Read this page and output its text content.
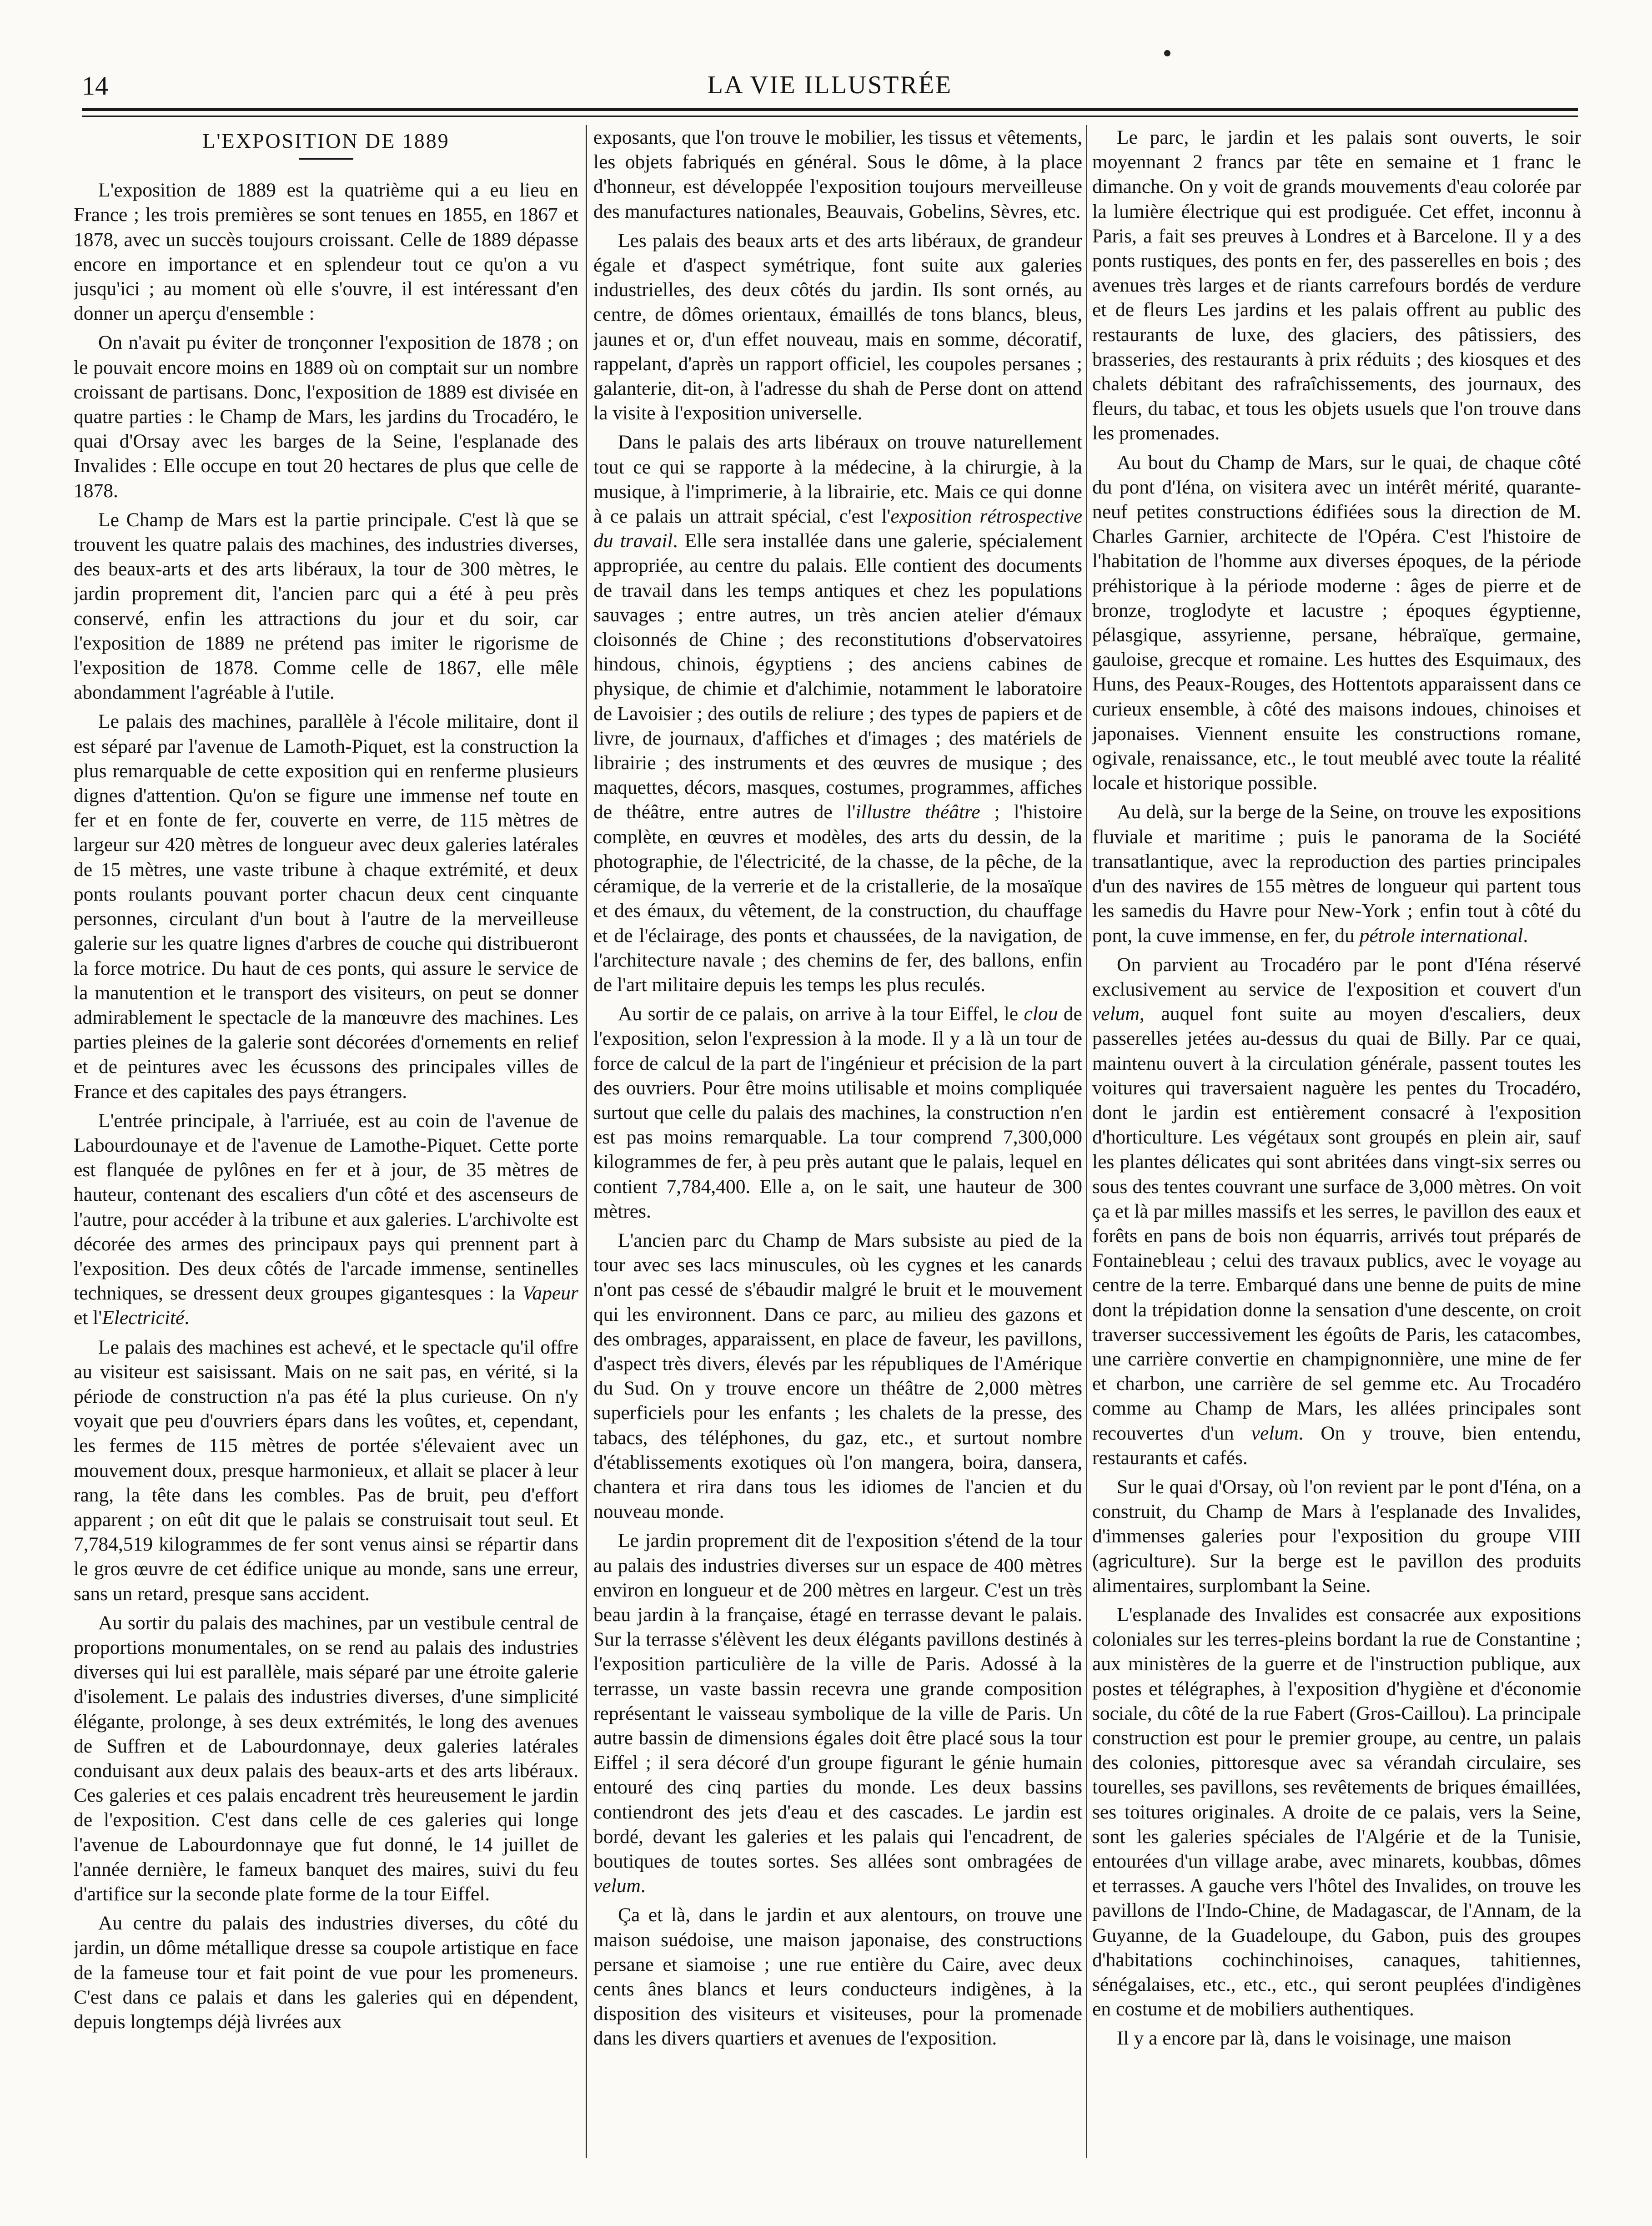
14	LA VIE ILLUSTRÉE
L'EXPOSITION DE 1889

L'exposition de 1889 est la quatrième qui a eu lieu en France ; les trois premières se sont tenues en 1855, en 1867 et 1878, avec un succès toujours croissant. Celle de 1889 dépasse encore en importance et en splendeur tout ce qu'on a vu jusqu'ici ; au moment où elle s'ouvre, il est intéressant d'en donner un aperçu d'ensemble :

On n'avait pu éviter de tronçonner l'exposition de 1878 ; on le pouvait encore moins en 1889 où on comptait sur un nombre croissant de partisans. Donc, l'exposition de 1889 est divisée en quatre parties : le Champ de Mars, les jardins du Trocadéro, le quai d'Orsay avec les barges de la Seine, l'esplanade des Invalides : Elle occupe en tout 20 hectares de plus que celle de 1878.

Le Champ de Mars est la partie principale. C'est là que se trouvent les quatre palais des machines, des industries diverses, des beaux-arts et des arts libéraux, la tour de 300 mètres, le jardin proprement dit, l'ancien parc qui a été à peu près conservé, enfin les attractions du jour et du soir, car l'exposition de 1889 ne prétend pas imiter le rigorisme de l'exposition de 1878. Comme celle de 1867, elle mêle abondamment l'agréable à l'utile.

Le palais des machines, parallèle à l'école militaire, dont il est séparé par l'avenue de Lamoth-Piquet, est la construction la plus remarquable de cette exposition qui en renferme plusieurs dignes d'attention. Qu'on se figure une immense nef toute en fer et en fonte de fer, couverte en verre, de 115 mètres de largeur sur 420 mètres de longueur avec deux galeries latérales de 15 mètres, une vaste tribune à chaque extrémité, et deux ponts roulants pouvant porter chacun deux cent cinquante personnes, circulant d'un bout à l'autre de la merveilleuse galerie sur les quatre lignes d'arbres de couche qui distribueront la force motrice. Du haut de ces ponts, qui assure le service de la manutention et le transport des visiteurs, on peut se donner admirablement le spectacle de la manœuvre des machines. Les parties pleines de la galerie sont décorées d'ornements en relief et de peintures avec les écussons des principales villes de France et des capitales des pays étrangers.

L'entrée principale, à l'arriuée, est au coin de l'avenue de Labourdounaye et de l'avenue de Lamothe-Piquet. Cette porte est flanquée de pylônes en fer et à jour, de 35 mètres de hauteur, contenant des escaliers d'un côté et des ascenseurs de l'autre, pour accéder à la tribune et aux galeries. L'archivolte est décorée des armes des principaux pays qui prennent part à l'exposition. Des deux côtés de l'arcade immense, sentinelles techniques, se dressent deux groupes gigantesques : la Vapeur et l'Electricité.

Le palais des machines est achevé, et le spectacle qu'il offre au visiteur est saisissant. Mais on ne sait pas, en vérité, si la période de construction n'a pas été la plus curieuse. On n'y voyait que peu d'ouvriers épars dans les voûtes, et, cependant, les fermes de 115 mètres de portée s'élevaient avec un mouvement doux, presque harmonieux, et allait se placer à leur rang, la tête dans les combles. Pas de bruit, peu d'effort apparent ; on eût dit que le palais se construisait tout seul. Et 7,784,519 kilogrammes de fer sont venus ainsi se répartir dans le gros œuvre de cet édifice unique au monde, sans une erreur, sans un retard, presque sans accident.

Au sortir du palais des machines, par un vestibule central de proportions monumentales, on se rend au palais des industries diverses qui lui est parallèle, mais séparé par une étroite galerie d'isolement. Le palais des industries diverses, d'une simplicité élégante, prolonge, à ses deux extrémités, le long des avenues de Suffren et de Labourdonnaye, deux galeries latérales conduisant aux deux palais des beaux-arts et des arts libéraux. Ces galeries et ces palais encadrent très heureusement le jardin de l'exposition. C'est dans celle de ces galeries qui longe l'avenue de Labourdonnaye que fut donné, le 14 juillet de l'année dernière, le fameux banquet des maires, suivi du feu d'artifice sur la seconde plate forme de la tour Eiffel.

Au centre du palais des industries diverses, du côté du jardin, un dôme métallique dresse sa coupole artistique en face de la fameuse tour et fait point de vue pour les promeneurs. C'est dans ce palais et dans les galeries qui en dépendent, depuis longtemps déjà livrées aux

exposants, que l'on trouve le mobilier, les tissus et vêtements, les objets fabriqués en général. Sous le dôme, à la place d'honneur, est développée l'exposition toujours merveilleuse des manufactures nationales, Beauvais, Gobelins, Sèvres, etc.

Les palais des beaux arts et des arts libéraux, de grandeur égale et d'aspect symétrique, font suite aux galeries industrielles, des deux côtés du jardin. Ils sont ornés, au centre, de dômes orientaux, émaillés de tons blancs, bleus, jaunes et or, d'un effet nouveau, mais en somme, décoratif, rappelant, d'après un rapport officiel, les coupoles persanes ; galanterie, dit-on, à l'adresse du shah de Perse dont on attend la visite à l'exposition universelle.

Dans le palais des arts libéraux on trouve naturellement tout ce qui se rapporte à la médecine, à la chirurgie, à la musique, à l'imprimerie, à la librairie, etc. Mais ce qui donne à ce palais un attrait spécial, c'est l'exposition rétrospective du travail. Elle sera installée dans une galerie, spécialement appropriée, au centre du palais. Elle contient des documents de travail dans les temps antiques et chez les populations sauvages ; entre autres, un très ancien atelier d'émaux cloisonnés de Chine ; des reconstitutions d'observatoires hindous, chinois, égyptiens ; des anciens cabines de physique, de chimie et d'alchimie, notamment le laboratoire de Lavoisier ; des outils de reliure ; des types de papiers et de livre, de journaux, d'affiches et d'images ; des matériels de librairie ; des instruments et des œuvres de musique ; des maquettes, décors, masques, costumes, programmes, affiches de théâtre, entre autres de l'illustre théâtre ; l'histoire complète, en œuvres et modèles, des arts du dessin, de la photographie, de l'électricité, de la chasse, de la pêche, de la céramique, de la verrerie et de la cristallerie, de la mosaïque et des émaux, du vêtement, de la construction, du chauffage et de l'éclairage, des ponts et chaussées, de la navigation, de l'architecture navale ; des chemins de fer, des ballons, enfin de l'art militaire depuis les temps les plus reculés.

Au sortir de ce palais, on arrive à la tour Eiffel, le clou de l'exposition, selon l'expression à la mode. Il y a là un tour de force de calcul de la part de l'ingénieur et précision de la part des ouvriers. Pour être moins utilisable et moins compliquée surtout que celle du palais des machines, la construction n'en est pas moins remarquable. La tour comprend 7,300,000 kilogrammes de fer, à peu près autant que le palais, lequel en contient 7,784,400. Elle a, on le sait, une hauteur de 300 mètres.

L'ancien parc du Champ de Mars subsiste au pied de la tour avec ses lacs minuscules, où les cygnes et les canards n'ont pas cessé de s'ébaudir malgré le bruit et le mouvement qui les environnent. Dans ce parc, au milieu des gazons et des ombrages, apparaissent, en place de faveur, les pavillons, d'aspect très divers, élevés par les républiques de l'Amérique du Sud. On y trouve encore un théâtre de 2,000 mètres superficiels pour les enfants ; les chalets de la presse, des tabacs, des téléphones, du gaz, etc., et surtout nombre d'établissements exotiques où l'on mangera, boira, dansera, chantera et rira dans tous les idiomes de l'ancien et du nouveau monde.

Le jardin proprement dit de l'exposition s'étend de la tour au palais des industries diverses sur un espace de 400 mètres environ en longueur et de 200 mètres en largeur. C'est un très beau jardin à la française, étagé en terrasse devant le palais. Sur la terrasse s'élèvent les deux élégants pavillons destinés à l'exposition particulière de la ville de Paris. Adossé à la terrasse, un vaste bassin recevra une grande composition représentant le vaisseau symbolique de la ville de Paris. Un autre bassin de dimensions égales doit être placé sous la tour Eiffel ; il sera décoré d'un groupe figurant le génie humain entouré des cinq parties du monde. Les deux bassins contiendront des jets d'eau et des cascades. Le jardin est bordé, devant les galeries et les palais qui l'encadrent, de boutiques de toutes sortes. Ses allées sont ombragées de velum.

Ça et là, dans le jardin et aux alentours, on trouve une maison suédoise, une maison japonaise, des constructions persane et siamoise ; une rue entière du Caire, avec deux cents ânes blancs et leurs conducteurs indigènes, à la disposition des visiteurs et visiteuses, pour la promenade dans les divers quartiers et avenues de l'exposition.

Le parc, le jardin et les palais sont ouverts, le soir moyennant 2 francs par tête en semaine et 1 franc le dimanche. On y voit de grands mouvements d'eau colorée par la lumière électrique qui est prodiguée. Cet effet, inconnu à Paris, a fait ses preuves à Londres et à Barcelone. Il y a des ponts rustiques, des ponts en fer, des passerelles en bois ; des avenues très larges et de riants carrefours bordés de verdure et de fleurs Les jardins et les palais offrent au public des restaurants de luxe, des glaciers, des pâtissiers, des brasseries, des restaurants à prix réduits ; des kiosques et des chalets débitant des rafraîchissements, des journaux, des fleurs, du tabac, et tous les objets usuels que l'on trouve dans les promenades.

Au bout du Champ de Mars, sur le quai, de chaque côté du pont d'Iéna, on visitera avec un intérêt mérité, quarante-neuf petites constructions édifiées sous la direction de M. Charles Garnier, architecte de l'Opéra. C'est l'histoire de l'habitation de l'homme aux diverses époques, de la période préhistorique à la période moderne : âges de pierre et de bronze, troglodyte et lacustre ; époques égyptienne, pélasgique, assyrienne, persane, hébraïque, germaine, gauloise, grecque et romaine. Les huttes des Esquimaux, des Huns, des Peaux-Rouges, des Hottentots apparaissent dans ce curieux ensemble, à côté des maisons indoues, chinoises et japonaises. Viennent ensuite les constructions romane, ogivale, renaissance, etc., le tout meublé avec toute la réalité locale et historique possible.

Au delà, sur la berge de la Seine, on trouve les expositions fluviale et maritime ; puis le panorama de la Société transatlantique, avec la reproduction des parties principales d'un des navires de 155 mètres de longueur qui partent tous les samedis du Havre pour New-York ; enfin tout à côté du pont, la cuve immense, en fer, du pétrole international.

On parvient au Trocadéro par le pont d'Iéna réservé exclusivement au service de l'exposition et couvert d'un velum, auquel font suite au moyen d'escaliers, deux passerelles jetées au-dessus du quai de Billy. Par ce quai, maintenu ouvert à la circulation générale, passent toutes les voitures qui traversaient naguère les pentes du Trocadéro, dont le jardin est entièrement consacré à l'exposition d'horticulture. Les végétaux sont groupés en plein air, sauf les plantes délicates qui sont abritées dans vingt-six serres ou sous des tentes couvrant une surface de 3,000 mètres. On voit ça et là par milles massifs et les serres, le pavillon des eaux et forêts en pans de bois non équarris, arrivés tout préparés de Fontainebleau ; celui des travaux publics, avec le voyage au centre de la terre. Embarqué dans une benne de puits de mine dont la trépidation donne la sensation d'une descente, on croit traverser successivement les égoûts de Paris, les catacombes, une carrière convertie en champignonnière, une mine de fer et charbon, une carrière de sel gemme etc. Au Trocadéro comme au Champ de Mars, les allées principales sont recouvertes d'un velum. On y trouve, bien entendu, restaurants et cafés.

Sur le quai d'Orsay, où l'on revient par le pont d'Iéna, on a construit, du Champ de Mars à l'esplanade des Invalides, d'immenses galeries pour l'exposition du groupe VIII (agriculture). Sur la berge est le pavillon des produits alimentaires, surplombant la Seine.

L'esplanade des Invalides est consacrée aux expositions coloniales sur les terres-pleins bordant la rue de Constantine ; aux ministères de la guerre et de l'instruction publique, aux postes et télégraphes, à l'exposition d'hygiène et d'économie sociale, du côté de la rue Fabert (Gros-Caillou). La principale construction est pour le premier groupe, au centre, un palais des colonies, pittoresque avec sa vérandah circulaire, ses tourelles, ses pavillons, ses revêtements de briques émaillées, ses toitures originales. A droite de ce palais, vers la Seine, sont les galeries spéciales de l'Algérie et de la Tunisie, entourées d'un village arabe, avec minarets, koubbas, dômes et terrasses. A gauche vers l'hôtel des Invalides, on trouve les pavillons de l'Indo-Chine, de Madagascar, de l'Annam, de la Guyanne, de la Guadeloupe, du Gabon, puis des groupes d'habitations cochinchinoises, canaques, tahitiennes, sénégalaises, etc., etc., etc., qui seront peuplées d'indigènes en costume et de mobiliers authentiques.

Il y a encore par là, dans le voisinage, une maison
